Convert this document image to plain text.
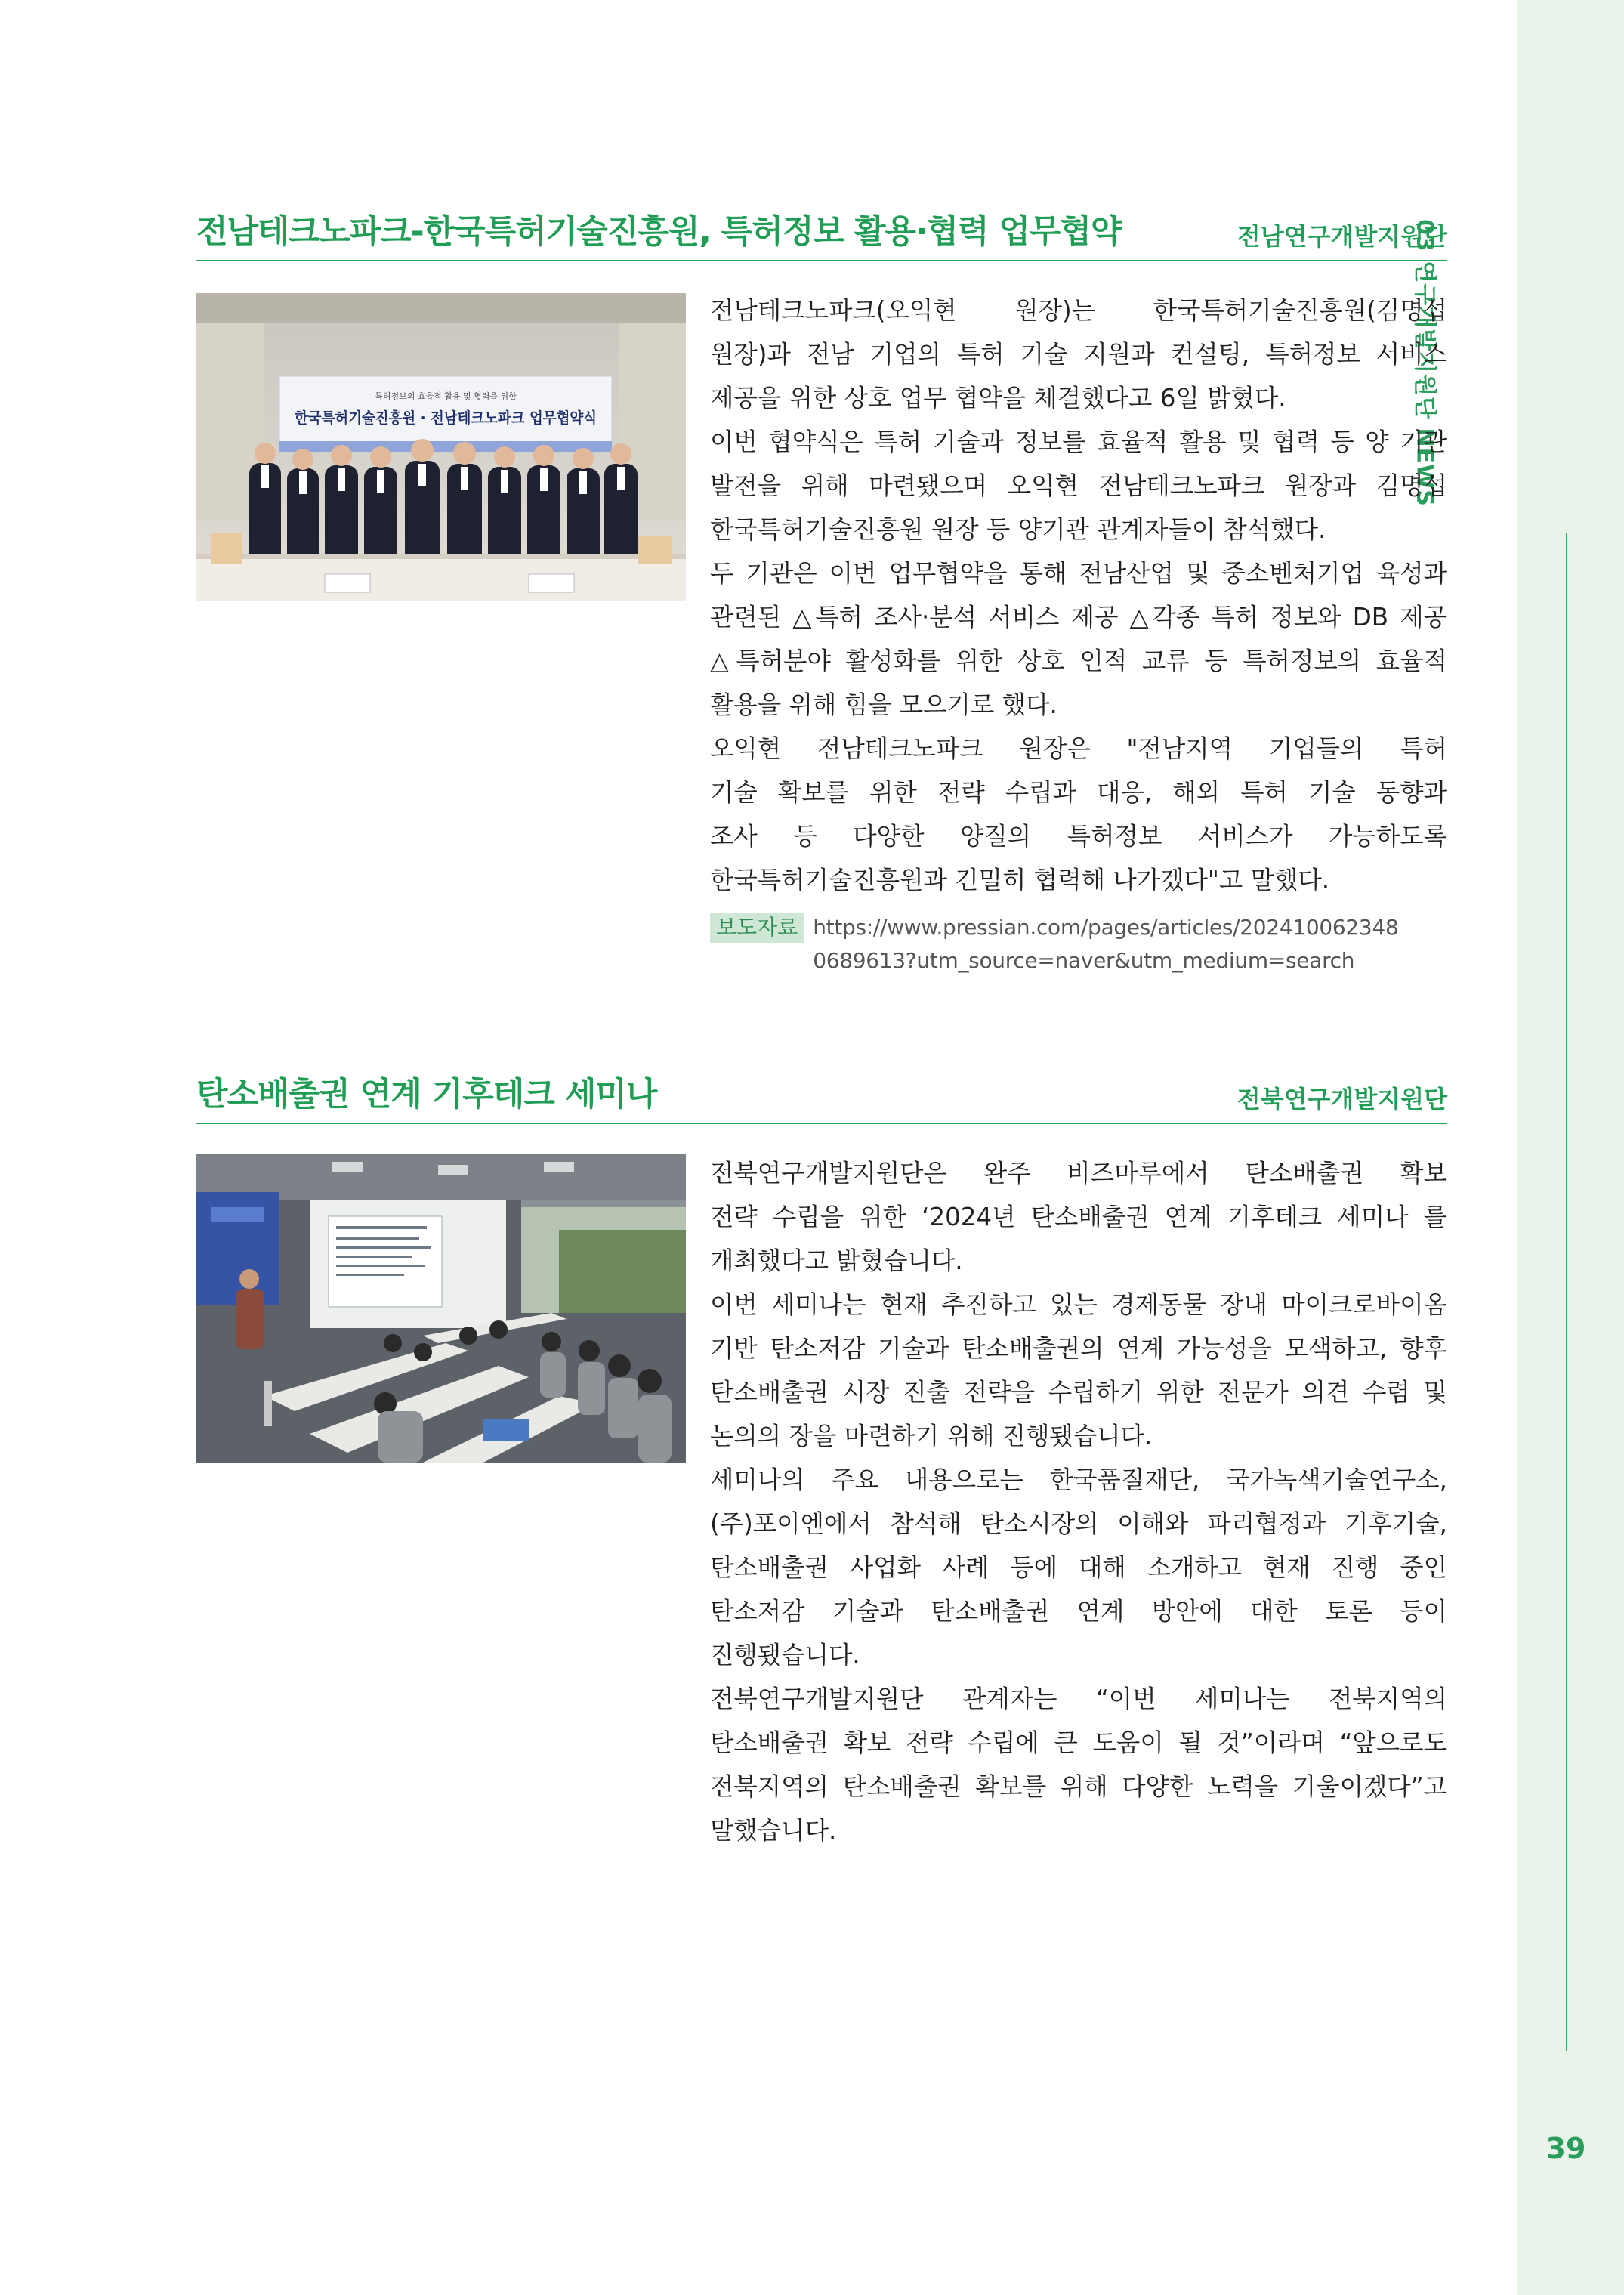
03 연구개발지원단 NEWS
39
전남테크노파크-한국특허기술진흥원, 특허정보 활용·협력 업무협약	전남연구개발지원단
특허정보의 효율적 활용 및 협력을 위한
한국특허기술진흥원 · 전남테크노파크 업무협약식
전남테크노파크(오익현 원장)는 한국특허기술진흥원(김명섭
원장)과 전남 기업의 특허 기술 지원과 컨설팅, 특허정보 서비스
제공을 위한 상호 업무 협약을 체결했다고 6일 밝혔다.
이번 협약식은 특허 기술과 정보를 효율적 활용 및 협력 등 양 기관
발전을 위해 마련됐으며 오익현 전남테크노파크 원장과 김명섭
한국특허기술진흥원 원장 등 양기관 관계자들이 참석했다.
두 기관은 이번 업무협약을 통해 전남산업 및 중소벤처기업 육성과
관련된 △특허 조사·분석 서비스 제공 △각종 특허 정보와 DB 제공
△특허분야 활성화를 위한 상호 인적 교류 등 특허정보의 효율적
활용을 위해 힘을 모으기로 했다.
오익현 전남테크노파크 원장은 "전남지역 기업들의 특허
기술 확보를 위한 전략 수립과 대응, 해외 특허 기술 동향과
조사 등 다양한 양질의 특허정보 서비스가 가능하도록
한국특허기술진흥원과 긴밀히 협력해 나가겠다"고 말했다.
보도자료 https://www.pressian.com/pages/articles/202410062348
0689613?utm_source=naver&utm_medium=search
탄소배출권 연계 기후테크 세미나	전북연구개발지원단
전북연구개발지원단은 완주 비즈마루에서 탄소배출권 확보
전략 수립을 위한 ‘2024년 탄소배출권 연계 기후테크 세미나 를
개최했다고 밝혔습니다.
이번 세미나는 현재 추진하고 있는 경제동물 장내 마이크로바이옴
기반 탄소저감 기술과 탄소배출권의 연계 가능성을 모색하고, 향후
탄소배출권 시장 진출 전략을 수립하기 위한 전문가 의견 수렴 및
논의의 장을 마련하기 위해 진행됐습니다.
세미나의 주요 내용으로는 한국품질재단, 국가녹색기술연구소,
(주)포이엔에서 참석해 탄소시장의 이해와 파리협정과 기후기술,
탄소배출권 사업화 사례 등에 대해 소개하고 현재 진행 중인
탄소저감 기술과 탄소배출권 연계 방안에 대한 토론 등이
진행됐습니다.
전북연구개발지원단 관계자는 “이번 세미나는 전북지역의
탄소배출권 확보 전략 수립에 큰 도움이 될 것”이라며 “앞으로도
전북지역의 탄소배출권 확보를 위해 다양한 노력을 기울이겠다”고
말했습니다.
